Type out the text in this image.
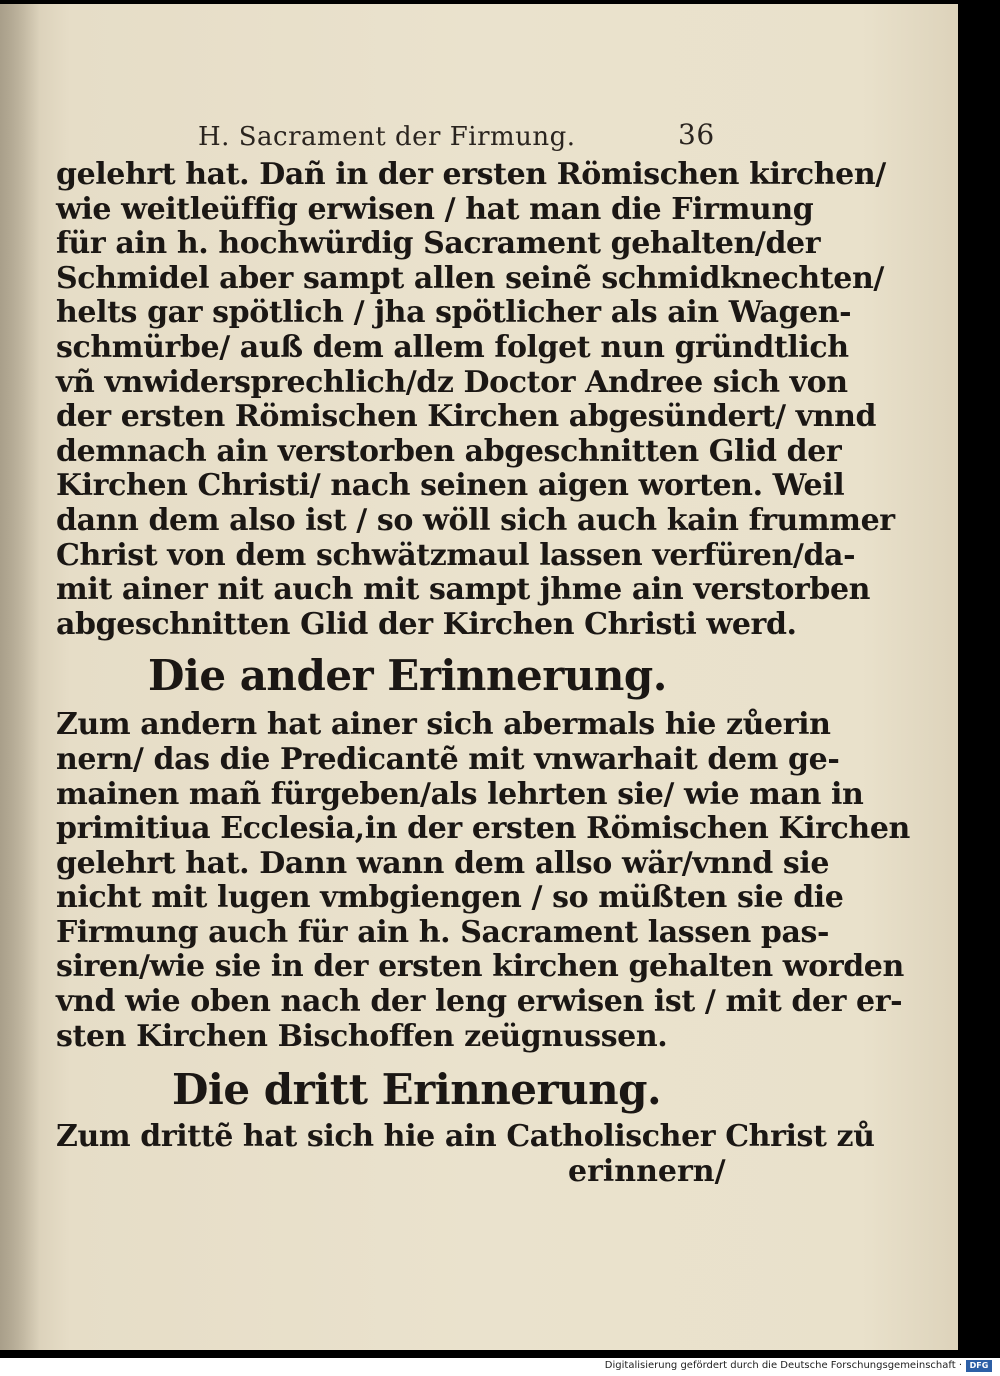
H. Sacrament der Firmung.	36
gelehrt hat. Dañ in der ersten Römischen kirchen/
wie weitleüffig erwisen / hat man die Firmung
für ain h. hochwürdig Sacrament gehalten/der
Schmidel aber sampt allen seinẽ schmidknechten/
helts gar spötlich / jha spötlicher als ain Wagen-
schmürbe/ auß dem allem folget nun gründtlich
vñ vnwidersprechlich/dz Doctor Andree sich von
der ersten Römischen Kirchen abgesündert/ vnnd
demnach ain verstorben abgeschnitten Glid der
Kirchen Christi/ nach seinen aigen worten. Weil
dann dem also ist / so wöll sich auch kain frummer
Christ von dem schwätzmaul lassen verfüren/da-
mit ainer nit auch mit sampt jhme ain verstorben
abgeschnitten Glid der Kirchen Christi werd.
Die ander Erinnerung.
Zum andern hat ainer sich abermals hie zůerin
nern/ das die Predicantẽ mit vnwarhait dem ge-
mainen mañ fürgeben/als lehrten sie/ wie man in
primitiua Ecclesia,in der ersten Römischen Kirchen
gelehrt hat. Dann wann dem allso wär/vnnd sie
nicht mit lugen vmbgiengen / so müßten sie die
Firmung auch für ain h. Sacrament lassen pas-
siren/wie sie in der ersten kirchen gehalten worden
vnd wie oben nach der leng erwisen ist / mit der er-
sten Kirchen Bischoffen zeügnussen.
Die dritt Erinnerung.
Zum drittẽ hat sich hie ain Catholischer Christ zů
erinnern/
Digitalisierung gefördert durch die Deutsche Forschungsgemeinschaft · DFG
